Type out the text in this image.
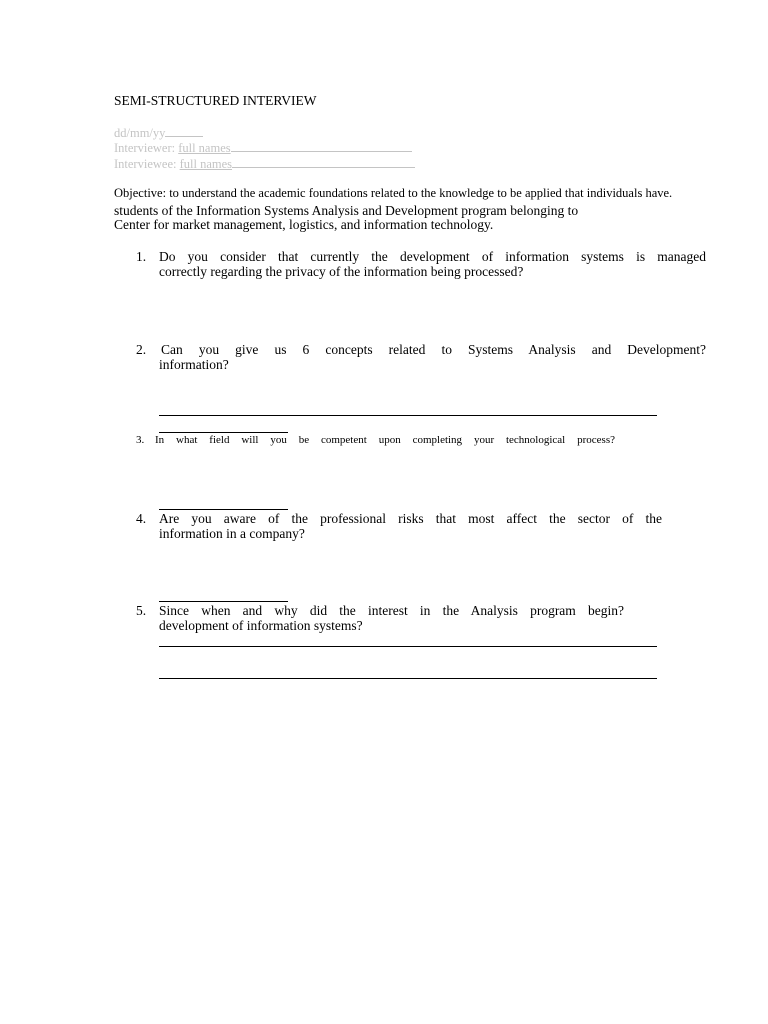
SEMI-STRUCTURED INTERVIEW
dd/mm/yy
Interviewer: full names
Interviewee: full names
Objective: to understand the academic foundations related to the knowledge to be applied that individuals have.
students of the Information Systems Analysis and Development program belonging to
Center for market management, logistics, and information technology.
1. Do you consider that currently the development of information systems is managed
correctly regarding the privacy of the information being processed?
2. Can you give us 6 concepts related to Systems Analysis and Development?
information?
3. In what field will you be competent upon completing your technological process?
4. Are you aware of the professional risks that most affect the sector of the
information in a company?
5. Since when and why did the interest in the Analysis program begin?
development of information systems?
